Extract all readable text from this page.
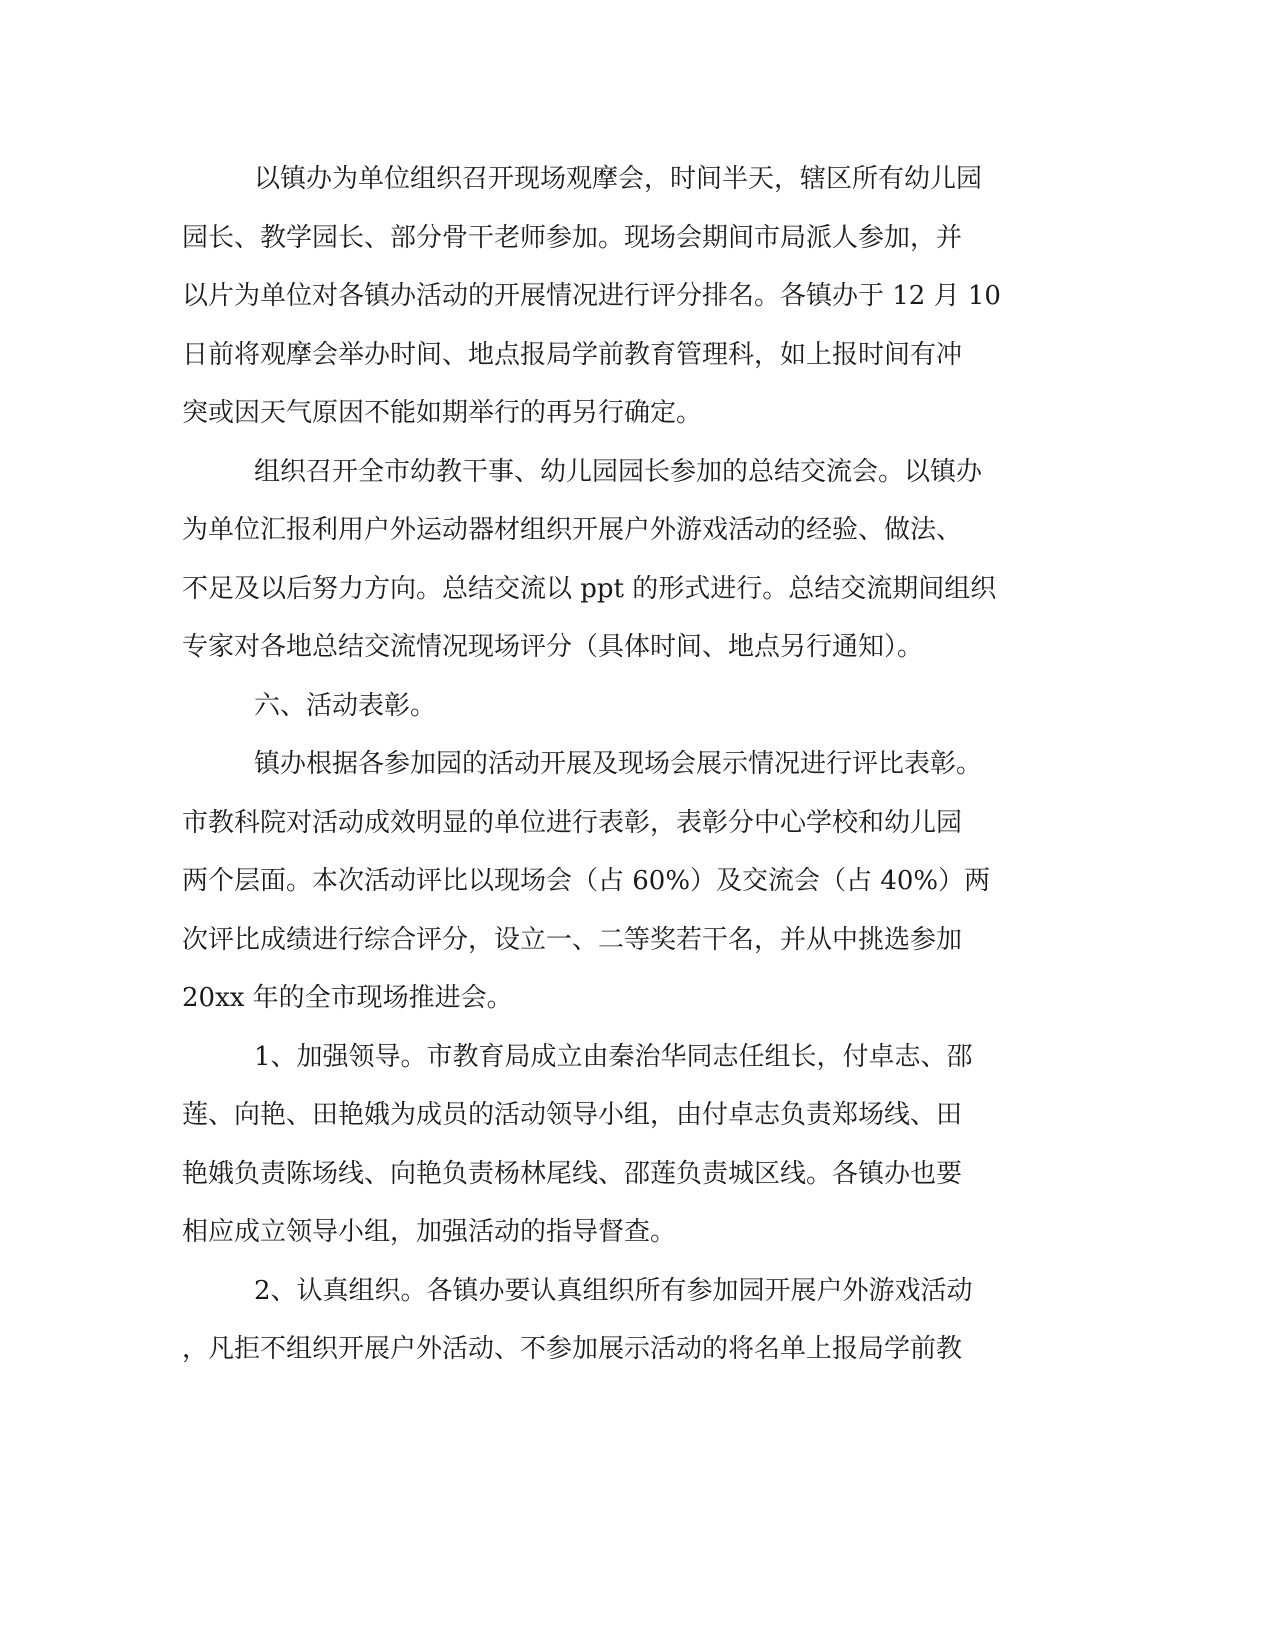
以镇办为单位组织召开现场观摩会，时间半天，辖区所有幼儿园
园长、教学园长、部分骨干老师参加。现场会期间市局派人参加，并
以片为单位对各镇办活动的开展情况进行评分排名。各镇办于 12 月 10
日前将观摩会举办时间、地点报局学前教育管理科，如上报时间有冲
突或因天气原因不能如期举行的再另行确定。

组织召开全市幼教干事、幼儿园园长参加的总结交流会。以镇办
为单位汇报利用户外运动器材组织开展户外游戏活动的经验、做法、
不足及以后努力方向。总结交流以 ppt 的形式进行。总结交流期间组织
专家对各地总结交流情况现场评分（具体时间、地点另行通知）。

六、活动表彰。

镇办根据各参加园的活动开展及现场会展示情况进行评比表彰。
市教科院对活动成效明显的单位进行表彰，表彰分中心学校和幼儿园
两个层面。本次活动评比以现场会（占 60%）及交流会（占 40%）两
次评比成绩进行综合评分，设立一、二等奖若干名，并从中挑选参加
20xx 年的全市现场推进会。

1、加强领导。市教育局成立由秦治华同志任组长，付卓志、邵
莲、向艳、田艳娥为成员的活动领导小组，由付卓志负责郑场线、田
艳娥负责陈场线、向艳负责杨林尾线、邵莲负责城区线。各镇办也要
相应成立领导小组，加强活动的指导督查。

2、认真组织。各镇办要认真组织所有参加园开展户外游戏活动
，凡拒不组织开展户外活动、不参加展示活动的将名单上报局学前教
